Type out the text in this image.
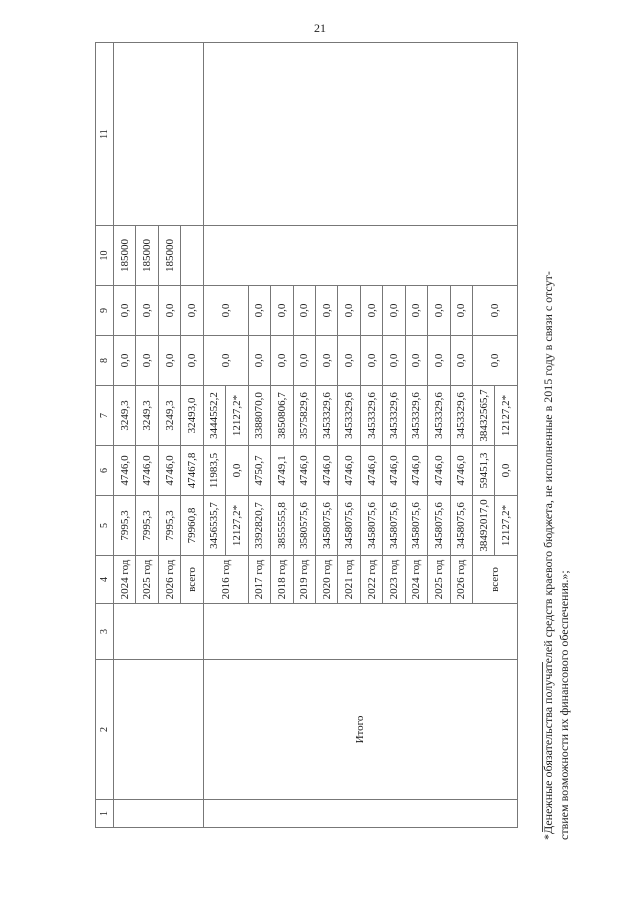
21
1	2	3	4	5	6	7	8	9	10	11
			2024 год	7995,3	4746,0	3249,3	0,0	0,0	185000	
			2025 год	7995,3	4746,0	3249,3	0,0	0,0	185000	
			2026 год	7995,3	4746,0	3249,3	0,0	0,0	185000	
			всего	79960,8	47467,8	32493,0	0,0	0,0		
	Итого		2016 год	3456535,7	11983,5	3444552,2	0,0	0,0		
				12127,2*	0,0	12127,2*				
			2017 год	3392820,7	4750,7	3388070,0	0,0	0,0		
			2018 год	3855555,8	4749,1	3850806,7	0,0	0,0		
			2019 год	3580575,6	4746,0	3575829,6	0,0	0,0		
			2020 год	3458075,6	4746,0	3453329,6	0,0	0,0		
			2021 год	3458075,6	4746,0	3453329,6	0,0	0,0		
			2022 год	3458075,6	4746,0	3453329,6	0,0	0,0		
			2023 год	3458075,6	4746,0	3453329,6	0,0	0,0		
			2024 год	3458075,6	4746,0	3453329,6	0,0	0,0		
			2025 год	3458075,6	4746,0	3453329,6	0,0	0,0		
			2026 год	3458075,6	4746,0	3453329,6	0,0	0,0		
			всего	38492017,0	59451,3	38432565,7	0,0	0,0		
				12127,2*	0,0	12127,2*				*Денежные обязательства получателей средств краевого бюджета, не исполненные в 2015 году в связи с отсут- ствием возможности их финансового обеспечения.»;
